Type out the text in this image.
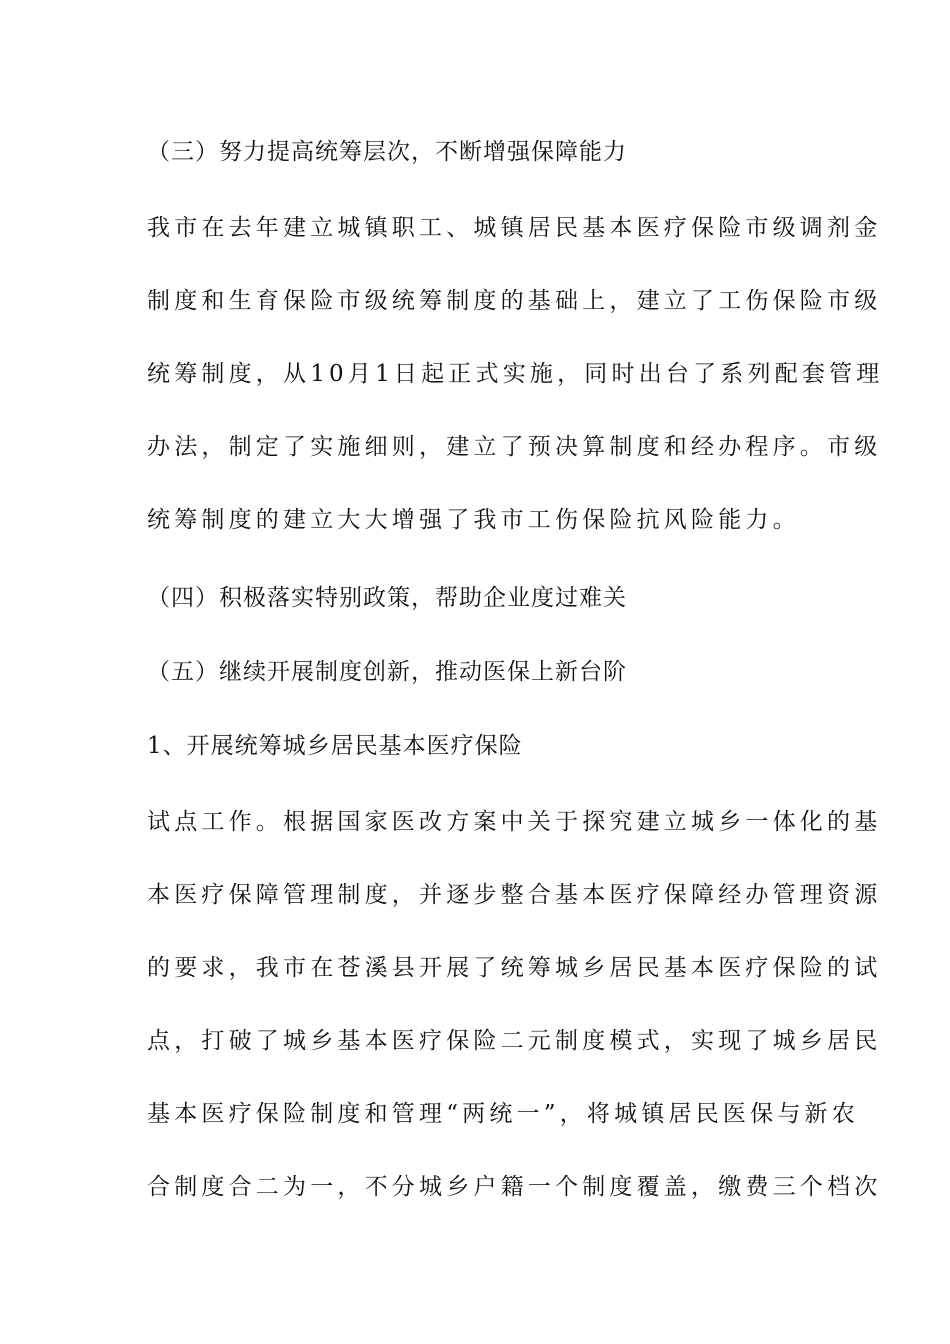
（三）努力提高统筹层次，不断增强保障能力
我市在去年建立城镇职工、城镇居民基本医疗保险市级调剂金
制度和生育保险市级统筹制度的基础上，建立了工伤保险市级
统筹制度，从10月1日起正式实施，同时出台了系列配套管理
办法，制定了实施细则，建立了预决算制度和经办程序。市级
统筹制度的建立大大增强了我市工伤保险抗风险能力。
（四）积极落实特别政策，帮助企业度过难关
（五）继续开展制度创新，推动医保上新台阶
1、开展统筹城乡居民基本医疗保险
试点工作。根据国家医改方案中关于探究建立城乡一体化的基
本医疗保障管理制度，并逐步整合基本医疗保障经办管理资源
的要求，我市在苍溪县开展了统筹城乡居民基本医疗保险的试
点，打破了城乡基本医疗保险二元制度模式，实现了城乡居民
基本医疗保险制度和管理“两统一”，将城镇居民医保与新农
合制度合二为一，不分城乡户籍一个制度覆盖，缴费三个档次
